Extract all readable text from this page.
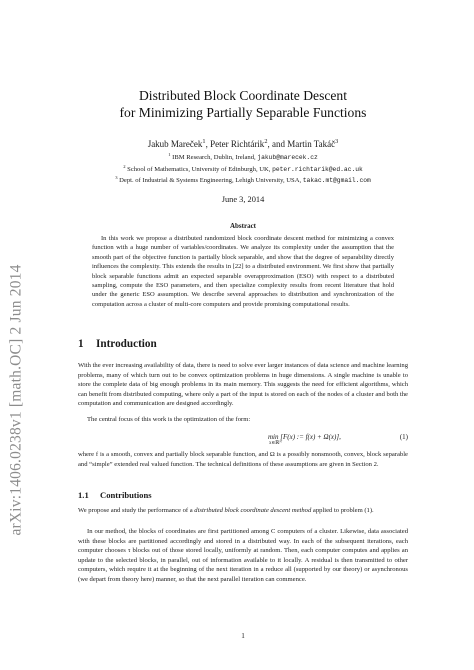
arXiv:1406.0238v1 [math.OC] 2 Jun 2014
Distributed Block Coordinate Descent
for Minimizing Partially Separable Functions
Jakub Mareček$^1$, Peter Richtárik$^2$, and Martin Takáč$^3$
$^1$ IBM Research, Dublin, Ireland, jakub@marecek.cz
$^2$ School of Mathematics, University of Edinburgh, UK, peter.richtarik@ed.ac.uk
$^3$ Dept. of Industrial & Systems Engineering, Lehigh University, USA, takac.mt@gmail.com
June 3, 2014
Abstract
In this work we propose a distributed randomized block coordinate descent method for minimizing a convex function with a huge number of variables/coordinates. We analyze its complexity under the assumption that the smooth part of the objective function is partially block separable, and show that the degree of separability directly influences the complexity. This extends the results in [22] to a distributed environment. We first show that partially block separable functions admit an expected separable overapproximation (ESO) with respect to a distributed sampling, compute the ESO parameters, and then specialize complexity results from recent literature that hold under the generic ESO assumption. We describe several approaches to distribution and synchronization of the computation across a cluster of multi-core computers and provide promising computational results.
1 Introduction
With the ever increasing availability of data, there is need to solve ever larger instances of data science and machine learning problems, many of which turn out to be convex optimization problems in huge dimensions. A single machine is unable to store the complete data of big enough problems in its main memory. This suggests the need for efficient algorithms, which can benefit from distributed computing, where only a part of the input is stored on each of the nodes of a cluster and both the computation and communication are designed accordingly.
The central focus of this work is the optimization of the form:
min [F(x) := f(x) + Ω(x)],
x∈ℝᴺ
(1)
where f is a smooth, convex and partially block separable function, and Ω is a possibly nonsmooth, convex, block separable and “simple” extended real valued function. The technical definitions of these assumptions are given in Section 2.
1.1 Contributions
We propose and study the performance of a distributed block coordinate descent method applied to problem (1).
In our method, the blocks of coordinates are first partitioned among C computers of a cluster. Likewise, data associated with these blocks are partitioned accordingly and stored in a distributed way. In each of the subsequent iterations, each computer chooses τ blocks out of those stored locally, uniformly at random. Then, each computer computes and applies an update to the selected blocks, in parallel, out of information available to it locally. A residual is then transmitted to other computers, which require it at the beginning of the next iteration in a reduce all (supported by our theory) or asynchronous (we depart from theory here) manner, so that the next parallel iteration can commence.
1
